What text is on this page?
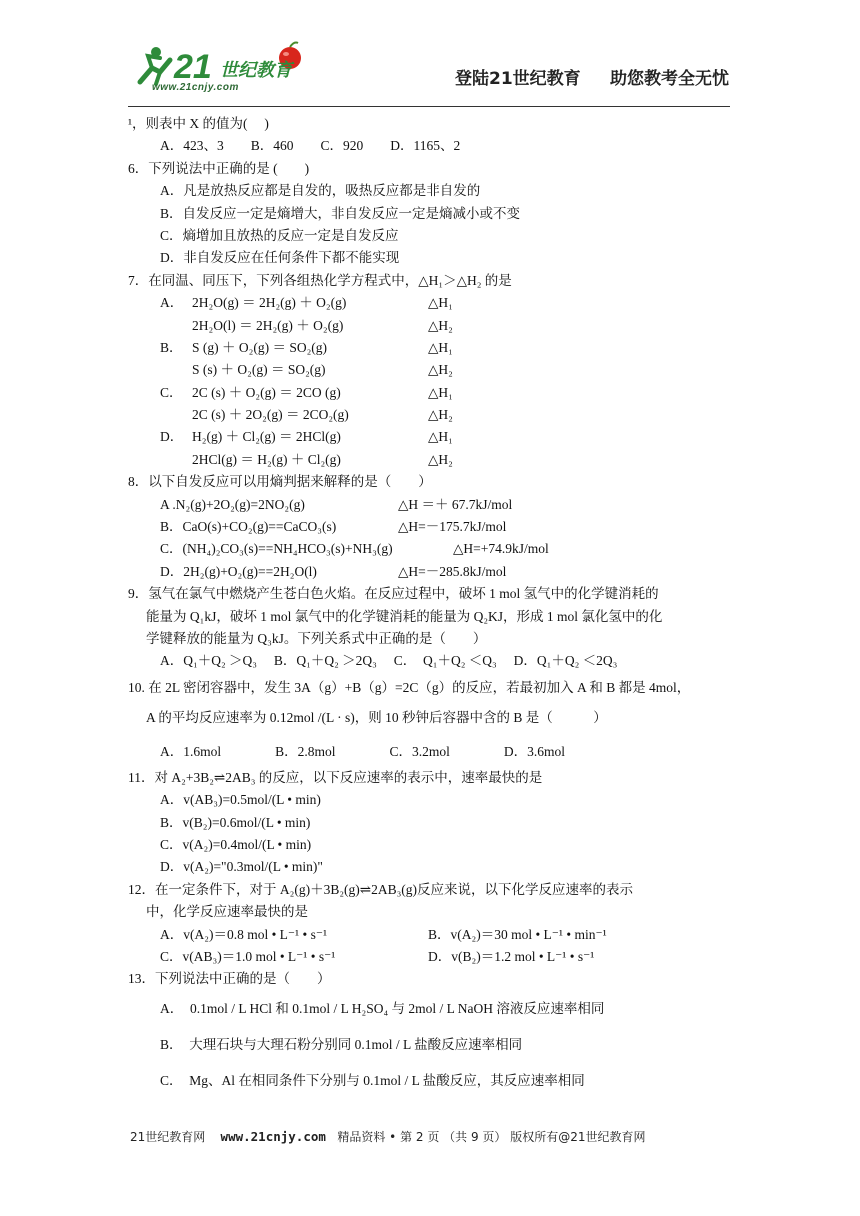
21 世纪教育
www.21cnjy.com	登陆21世纪教育 助您教考全无忧
¹，则表中 X 的值为(　 )
A．423、3　　B．460　　C．920　　D．1165、2
6．下列说法中正确的是 (　　)
A．凡是放热反应都是自发的，吸热反应都是非自发的
B．自发反应一定是熵增大，非自发反应一定是熵减小或不变
C．熵增加且放热的反应一定是自发反应
D．非自发反应在任何条件下都不能实现
7．在同温、同压下，下列各组热化学方程式中，△H₁＞△H₂ 的是
A． 2H₂O(g) ＝ 2H₂(g) ＋ O₂(g)	△H₁
2H₂O(l) ＝ 2H₂(g) ＋ O₂(g)	△H₂
B． S (g) ＋ O₂(g) ＝ SO₂(g)	△H₁
S (s) ＋ O₂(g) ＝ SO₂(g)	△H₂
C． 2C (s) ＋ O₂(g) ＝ 2CO (g)	△H₁
2C (s) ＋ 2O₂(g) ＝ 2CO₂(g)	△H₂
D． H₂(g) ＋ Cl₂(g) ＝ 2HCl(g)	△H₁
2HCl(g) ＝ H₂(g) ＋ Cl₂(g)	△H₂
8．以下自发反应可以用熵判据来解释的是（　　）
A .N₂(g)+2O₂(g)=2NO₂(g)	△H ＝＋ 67.7kJ/mol
B．CaO(s)+CO₂(g)==CaCO₃(s)	△H=－175.7kJ/mol
C．(NH₄)₂CO₃(s)==NH₄HCO₃(s)+NH₃(g)	△H=+74.9kJ/mol
D．2H₂(g)+O₂(g)==2H₂O(l)	△H=－285.8kJ/mol
9．氢气在氯气中燃烧产生苍白色火焰。在反应过程中，破坏 1 mol 氢气中的化学键消耗的
能量为 Q₁kJ，破坏 1 mol 氯气中的化学键消耗的能量为 Q₂KJ，形成 1 mol 氯化氢中的化
学键释放的能量为 Q₃kJ。下列关系式中正确的是（　　）
A．Q₁＋Q₂ ＞Q₃　 B．Q₁＋Q₂ ＞2Q₃　 C．　Q₁＋Q₂ ＜Q₃　 D．Q₁＋Q₂ ＜2Q₃
10. 在 2L 密闭容器中，发生 3A（g）+B（g）=2C（g）的反应，若最初加入 A 和 B 都是 4mol，
A 的平均反应速率为 0.12mol /(L · s)，则 10 秒钟后容器中含的 B 是（　　　）
A．1.6mol　　　　B．2.8mol　　　　C．3.2mol　　　　D．3.6mol
11．对 A₂+3B₂⇌2AB₃ 的反应，以下反应速率的表示中，速率最快的是
A．v(AB₃)=0.5mol/(L • min)
B．v(B₂)=0.6mol/(L • min)
C．v(A₂)=0.4mol/(L • min)
D．v(A₂)="0.3mol/(L • min)"
12．在一定条件下，对于 A₂(g)＋3B₂(g)⇌2AB₃(g)反应来说，以下化学反应速率的表示
中，化学反应速率最快的是
A．v(A₂)＝0.8 mol • L⁻¹ • s⁻¹	B．v(A₂)＝30 mol • L⁻¹ • min⁻¹
C．v(AB₃)＝1.0 mol • L⁻¹ • s⁻¹	D．v(B₂)＝1.2 mol • L⁻¹ • s⁻¹
13．下列说法中正确的是（　　）
A．　0.1mol / L HCl 和 0.1mol / L H₂SO₄ 与 2mol / L NaOH 溶液反应速率相同
B．　大理石块与大理石粉分别同 0.1mol / L 盐酸反应速率相同
C．　Mg、Al 在相同条件下分别与 0.1mol / L 盐酸反应，其反应速率相同
21世纪教育网 www.21cnjy.com 精品资料 • 第 2 页 （共 9 页） 版权所有@21世纪教育网
